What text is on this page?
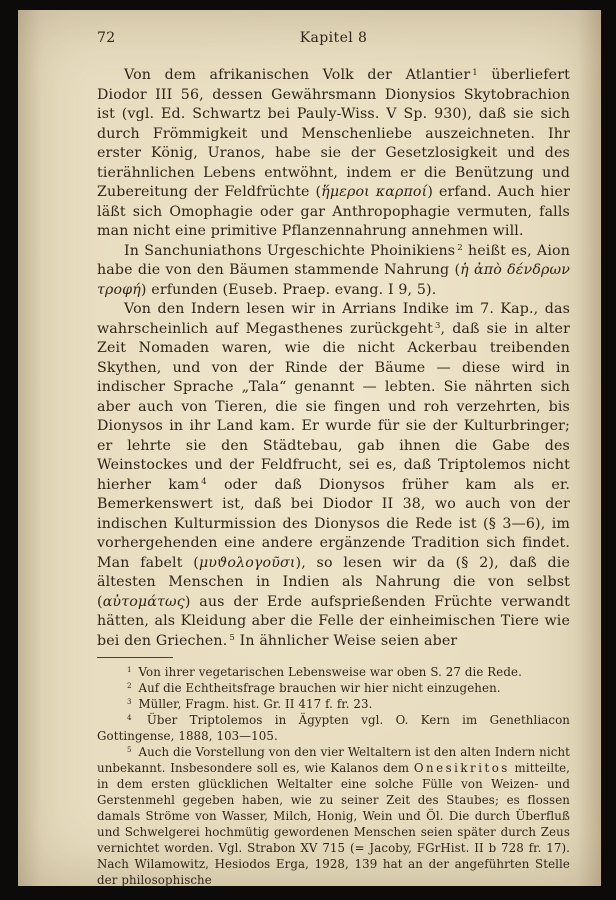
72	Kapitel 8

Von dem afrikanischen Volk der Atlantier $^1$ überliefert Diodor III 56, dessen Gewährsmann Dionysios Skytobrachion ist (vgl. Ed. Schwartz bei Pauly-Wiss. V Sp. 930), daß sie sich durch Frömmigkeit und Menschenliebe auszeichneten. Ihr erster König, Uranos, habe sie der Gesetzlosigkeit und des tierähnlichen Lebens entwöhnt, indem er die Benützung und Zubereitung der Feldfrüchte (ἥμεροι καρποί) erfand. Auch hier läßt sich Omophagie oder gar Anthropophagie vermuten, falls man nicht eine primitive Pflanzennahrung annehmen will.

In Sanchuniathons Urgeschichte Phoinikiens $^2$ heißt es, Aion habe die von den Bäumen stammende Nahrung (ἡ ἀπὸ δένδρων τροφή) erfunden (Euseb. Praep. evang. I 9, 5).

Von den Indern lesen wir in Arrians Indike im 7. Kap., das wahrscheinlich auf Megasthenes zurückgeht $^3$, daß sie in alter Zeit Nomaden waren, wie die nicht Ackerbau treibenden Skythen, und von der Rinde der Bäume — diese wird in indischer Sprache „Tala“ genannt — lebten. Sie nährten sich aber auch von Tieren, die sie fingen und roh verzehrten, bis Dionysos in ihr Land kam. Er wurde für sie der Kulturbringer; er lehrte sie den Städtebau, gab ihnen die Gabe des Weinstockes und der Feldfrucht, sei es, daß Triptolemos nicht hierher kam $^4$ oder daß Dionysos früher kam als er. Bemerkenswert ist, daß bei Diodor II 38, wo auch von der indischen Kulturmission des Dionysos die Rede ist (§ 3—6), im vorhergehenden eine andere ergänzende Tradition sich findet. Man fabelt (μυϑολογοῦσι), so lesen wir da (§ 2), daß die ältesten Menschen in Indien als Nahrung die von selbst (αὐτομάτως) aus der Erde aufsprießenden Früchte verwandt hätten, als Kleidung aber die Felle der einheimischen Tiere wie bei den Griechen. $^5$ In ähnlicher Weise seien aber

$^1$ Von ihrer vegetarischen Lebensweise war oben S. 27 die Rede.

$^2$ Auf die Echtheitsfrage brauchen wir hier nicht einzugehen.

$^3$ Müller, Fragm. hist. Gr. II 417 f. fr. 23.

$^4$ Über Triptolemos in Ägypten vgl. O. Kern im Genethliacon Gottingense, 1888, 103—105.

$^5$ Auch die Vorstellung von den vier Weltaltern ist den alten Indern nicht unbekannt. Insbesondere soll es, wie Kalanos dem Onesikritos mitteilte, in dem ersten glücklichen Weltalter eine solche Fülle von Weizen- und Gerstenmehl gegeben haben, wie zu seiner Zeit des Staubes; es flossen damals Ströme von Wasser, Milch, Honig, Wein und Öl. Die durch Überfluß und Schwelgerei hochmütig gewordenen Menschen seien später durch Zeus vernichtet worden. Vgl. Strabon XV 715 (= Jacoby, FGrHist. II b 728 fr. 17). Nach Wilamowitz, Hesiodos Erga, 1928, 139 hat an der angeführten Stelle der philosophische
